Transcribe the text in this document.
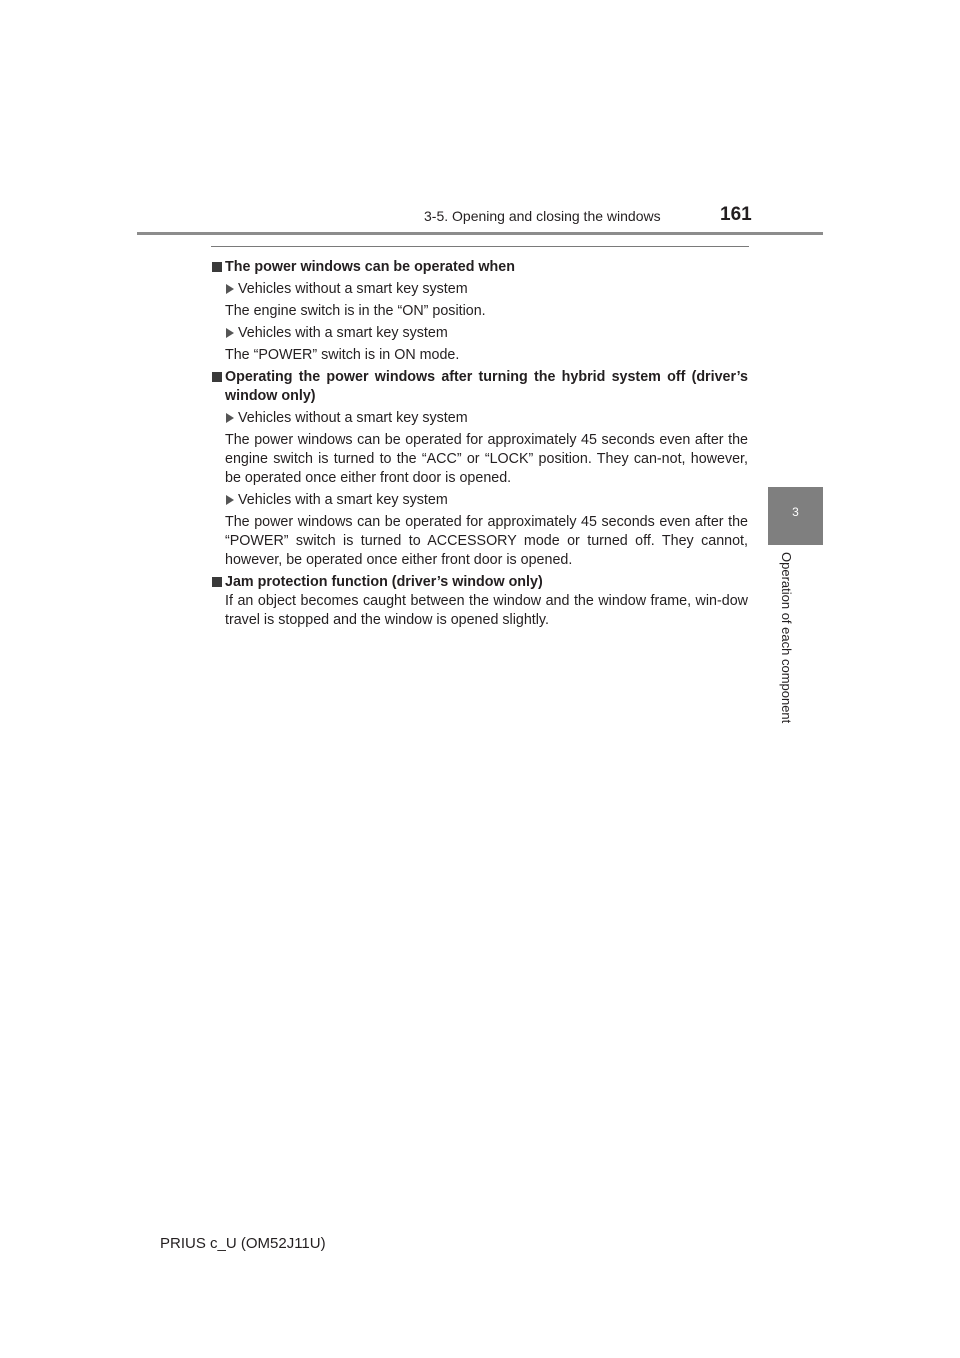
3-5. Opening and closing the windows	161
The power windows can be operated when
Vehicles without a smart key system
The engine switch is in the “ON” position.
Vehicles with a smart key system
The “POWER” switch is in ON mode.
Operating the power windows after turning the hybrid system off (driver’s window only)
Vehicles without a smart key system
The power windows can be operated for approximately 45 seconds even after the engine switch is turned to the “ACC” or “LOCK” position. They can-not, however, be operated once either front door is opened.
Vehicles with a smart key system
The power windows can be operated for approximately 45 seconds even after the “POWER” switch is turned to ACCESSORY mode or turned off. They cannot, however, be operated once either front door is opened.
Jam protection function (driver’s window only)
If an object becomes caught between the window and the window frame, win-dow travel is stopped and the window is opened slightly.
3
Operation of each component
PRIUS c_U (OM52J11U)
